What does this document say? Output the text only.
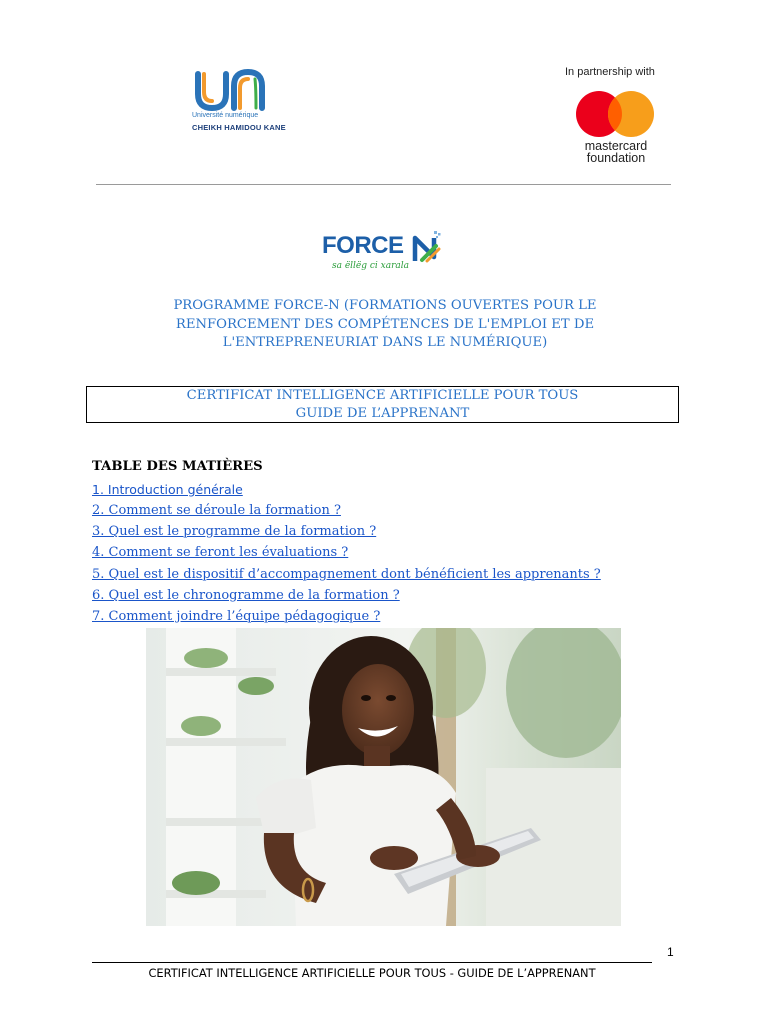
Université numérique
CHEIKH HAMIDOU KANE
In partnership with
mastercard
foundation
FORCE
sa ëllëg ci xarala
PROGRAMME FORCE-N (FORMATIONS OUVERTES POUR LE
RENFORCEMENT DES COMPÉTENCES DE L'EMPLOI ET DE
L'ENTREPRENEURIAT DANS LE NUMÉRIQUE)
CERTIFICAT INTELLIGENCE ARTIFICIELLE POUR TOUS
GUIDE DE L’APPRENANT
TABLE DES MATIÈRES
1. Introduction générale
2. Comment se déroule la formation ?
3. Quel est le programme de la formation ?
4. Comment se feront les évaluations ?
5. Quel est le dispositif d’accompagnement dont bénéficient les apprenants ?
6. Quel est le chronogramme de la formation ?
7. Comment joindre l’équipe pédagogique ?
1
CERTIFICAT INTELLIGENCE ARTIFICIELLE POUR TOUS - GUIDE DE L’APPRENANT
